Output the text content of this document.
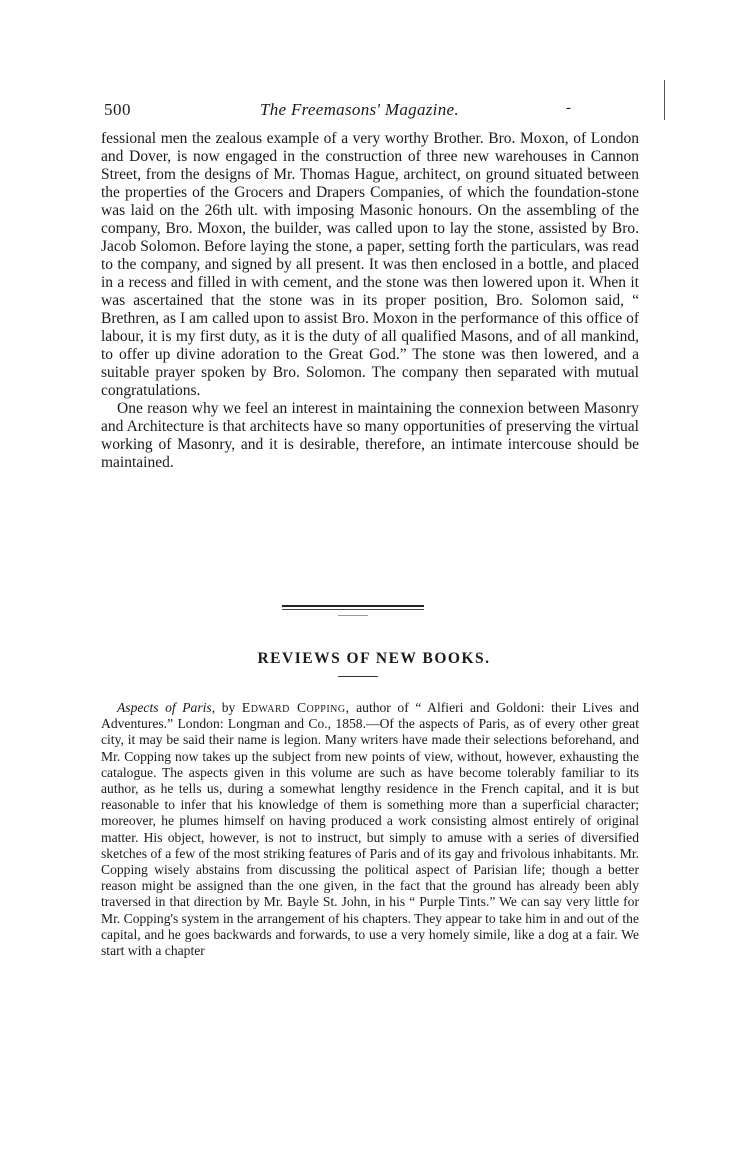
500	The Freemasons' Magazine.	-

fessional men the zealous example of a very worthy Brother. Bro. Moxon, of London and Dover, is now engaged in the construction of three new warehouses in Cannon Street, from the designs of Mr. Thomas Hague, architect, on ground situated between the properties of the Grocers and Drapers Companies, of which the foundation-stone was laid on the 26th ult. with imposing Masonic honours. On the assembling of the company, Bro. Moxon, the builder, was called upon to lay the stone, assisted by Bro. Jacob Solomon. Before laying the stone, a paper, setting forth the particulars, was read to the company, and signed by all present. It was then enclosed in a bottle, and placed in a recess and filled in with cement, and the stone was then lowered upon it. When it was ascertained that the stone was in its proper position, Bro. Solomon said, “ Brethren, as I am called upon to assist Bro. Moxon in the performance of this office of labour, it is my first duty, as it is the duty of all qualified Masons, and of all mankind, to offer up divine adoration to the Great God.” The stone was then lowered, and a suitable prayer spoken by Bro. Solomon. The company then separated with mutual congratulations.

One reason why we feel an interest in maintaining the connexion between Masonry and Architecture is that architects have so many opportunities of preserving the virtual working of Masonry, and it is desirable, therefore, an intimate intercouse should be maintained.

REVIEWS OF NEW BOOKS.

Aspects of Paris, by Edward Copping, author of “ Alfieri and Goldoni: their Lives and Adventures.” London: Longman and Co., 1858.—Of the aspects of Paris, as of every other great city, it may be said their name is legion. Many writers have made their selections beforehand, and Mr. Copping now takes up the subject from new points of view, without, however, exhausting the catalogue. The aspects given in this volume are such as have become tolerably familiar to its author, as he tells us, during a somewhat lengthy residence in the French capital, and it is but reasonable to infer that his knowledge of them is something more than a superficial character; moreover, he plumes himself on having produced a work consisting almost entirely of original matter. His object, however, is not to instruct, but simply to amuse with a series of diversified sketches of a few of the most striking features of Paris and of its gay and frivolous inhabitants. Mr. Copping wisely abstains from discussing the political aspect of Parisian life; though a better reason might be assigned than the one given, in the fact that the ground has already been ably traversed in that direction by Mr. Bayle St. John, in his “ Purple Tints.” We can say very little for Mr. Copping's system in the arrangement of his chapters. They appear to take him in and out of the capital, and he goes backwards and forwards, to use a very homely simile, like a dog at a fair. We start with a chapter
